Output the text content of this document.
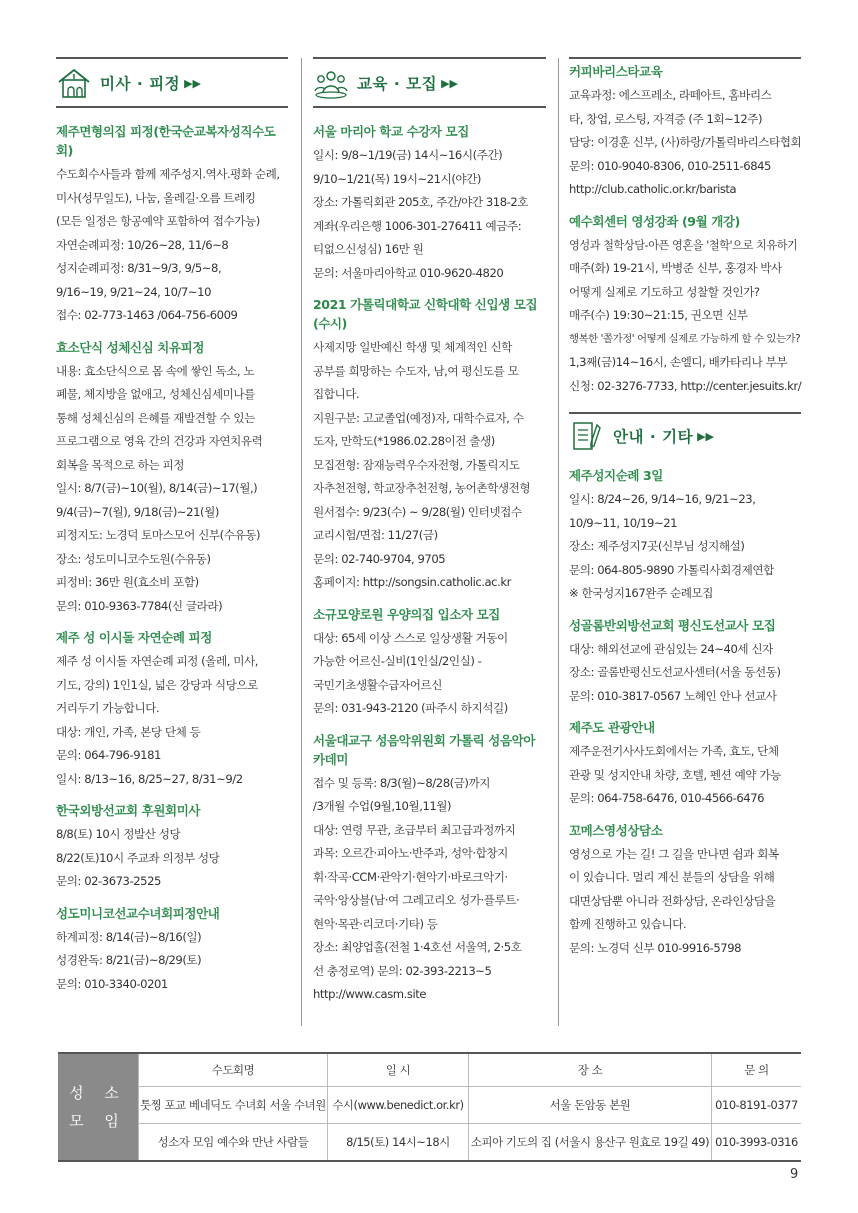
미사 · 피정 ▶▶
제주면형의집 피정(한국순교복자성직수도회)
수도회수사들과 함께 제주성지.역사.평화 순례,
미사(성무일도), 나눔, 올레길·오름 트레킹
(모든 일정은 항공예약 포함하여 접수가능)
자연순례피정: 10/26~28, 11/6~8
성지순례피정: 8/31~9/3, 9/5~8,
9/16~19, 9/21~24, 10/7~10
접수: 02-773-1463 /064-756-6009
효소단식 성체신심 치유피정
내용: 효소단식으로 몸 속에 쌓인 독소, 노
폐물, 체지방을 없애고, 성체신심세미나를
통해 성체신심의 은혜를 재발견할 수 있는
프로그램으로 영육 간의 건강과 자연치유력
회복을 목적으로 하는 피정
일시: 8/7(금)~10(월), 8/14(금)~17(월,)
9/4(금)~7(월), 9/18(금)~21(월)
피정지도: 노경덕 토마스모어 신부(수유동)
장소: 성도미니코수도원(수유동)
피정비: 36만 원(효소비 포함)
문의: 010-9363-7784(신 글라라)
제주 성 이시돌 자연순례 피정
제주 성 이시돌 자연순례 피정 (올레, 미사,
기도, 강의) 1인1실, 넓은 강당과 식당으로
거리두기 가능합니다.
대상: 개인, 가족, 본당 단체 등
문의: 064-796-9181
일시: 8/13~16, 8/25~27, 8/31~9/2
한국외방선교회 후원회미사
8/8(토) 10시 정발산 성당
8/22(토)10시 주교좌 의정부 성당
문의: 02-3673-2525
성도미니코선교수녀회피정안내
하계피정: 8/14(금)~8/16(일)
성경완독: 8/21(금)~8/29(토)
문의: 010-3340-0201
교육 · 모집 ▶▶
서울 마리아 학교 수강자 모집
일시: 9/8~1/19(금) 14시~16시(주간)
9/10~1/21(목) 19시~21시(야간)
장소: 가톨릭회관 205호, 주간/야간 318-2호
계좌(우리은행 1006-301-276411 예금주:
티없으신성심) 16만 원
문의: 서울마리아학교 010-9620-4820
2021 가톨릭대학교 신학대학 신입생 모집(수시)
사제지망 일반예신 학생 및 체계적인 신학
공부를 희망하는 수도자, 남,여 평신도를 모
집합니다.
지원구분: 고교졸업(예정)자, 대학수료자, 수
도자, 만학도(*1986.02.28이전 출생)
모집전형: 잠재능력우수자전형, 가톨릭지도
자추천전형, 학교장추천전형, 농어촌학생전형
원서접수: 9/23(수) ~ 9/28(월) 인터넷접수
교리시험/면접: 11/27(금)
문의: 02-740-9704, 9705
홈페이지: http://songsin.catholic.ac.kr
소규모양로원 우양의집 입소자 모집
대상: 65세 이상 스스로 일상생활 거동이
가능한 어르신-실비(1인실/2인실) -
국민기초생활수급자어르신
문의: 031-943-2120 (파주시 하지석길)
서울대교구 성음악위원회 가톨릭 성음악아카데미
접수 및 등록: 8/3(월)~8/28(금)까지
/3개월 수업(9월,10월,11월)
대상: 연령 무관, 초급부터 최고급과정까지
과목: 오르간·피아노·반주과, 성악·합창지
휘·작곡·CCM·관악기·현악기·바로크악기·
국악·앙상블(남·여 그레고리오 성가·플루트·
현악·목관·리코더·기타) 등
장소: 최양업홀(전철 1·4호선 서울역, 2·5호
선 충정로역) 문의: 02-393-2213~5
http://www.casm.site
커피바리스타교육
교육과정: 에스프레소, 라떼아트, 홈바리스
타, 창업, 로스팅, 자격증 (주 1회~12주)
담당: 이경훈 신부, (사)하랑/가톨릭바리스타협회
문의: 010-9040-8306, 010-2511-6845
http://club.catholic.or.kr/barista
예수회센터 영성강좌 (9월 개강)
영성과 철학상담-아픈 영혼을 '철학'으로 치유하기
매주(화) 19-21시, 박병준 신부, 홍경자 박사
어떻게 실제로 기도하고 성찰할 것인가?
매주(수) 19:30~21:15, 권오면 신부
행복한 '쫄가정' 어떻게 실제로 가능하게 할 수 있는가?
1,3째(금)14~16시, 손엘디, 배카타리나 부부
신청: 02-3276-7733, http://center.jesuits.kr/
안내 · 기타 ▶▶
제주성지순례 3일
일시: 8/24~26, 9/14~16, 9/21~23,
10/9~11, 10/19~21
장소: 제주성지7곳(신부님 성지해설)
문의: 064-805-9890 가톨릭사회경제연합
※ 한국성지167완주 순례모집
성골롬반외방선교회 평신도선교사 모집
대상: 해외선교에 관심있는 24~40세 신자
장소: 골롬반평신도선교사센터(서울 동선동)
문의: 010-3817-0567 노혜인 안나 선교사
제주도 관광안내
제주운전기사사도회에서는 가족, 효도, 단체
관광 및 성지안내 차량, 호텔, 펜션 예약 가능
문의: 064-758-6476, 010-4566-6476
꼬메스영성상담소
영성으로 가는 길! 그 길을 만나면 쉼과 회복
이 있습니다. 멀리 계신 분들의 상담을 위해
대면상담뿐 아니라 전화상담, 온라인상담을
함께 진행하고 있습니다.
문의: 노경덕 신부 010-9916-5798
성 소
모 임	수도회명	일 시	장 소	문 의
	툿찡 포교 베네딕도 수녀회 서울 수녀원	수시(www.benedict.or.kr)	서울 돈암동 본원	010-8191-0377
	성소자 모임 예수와 만난 사람들	8/15(토) 14시~18시	소피아 기도의 집 (서울시 용산구 원효로 19길 49)	010-3993-0316
9
